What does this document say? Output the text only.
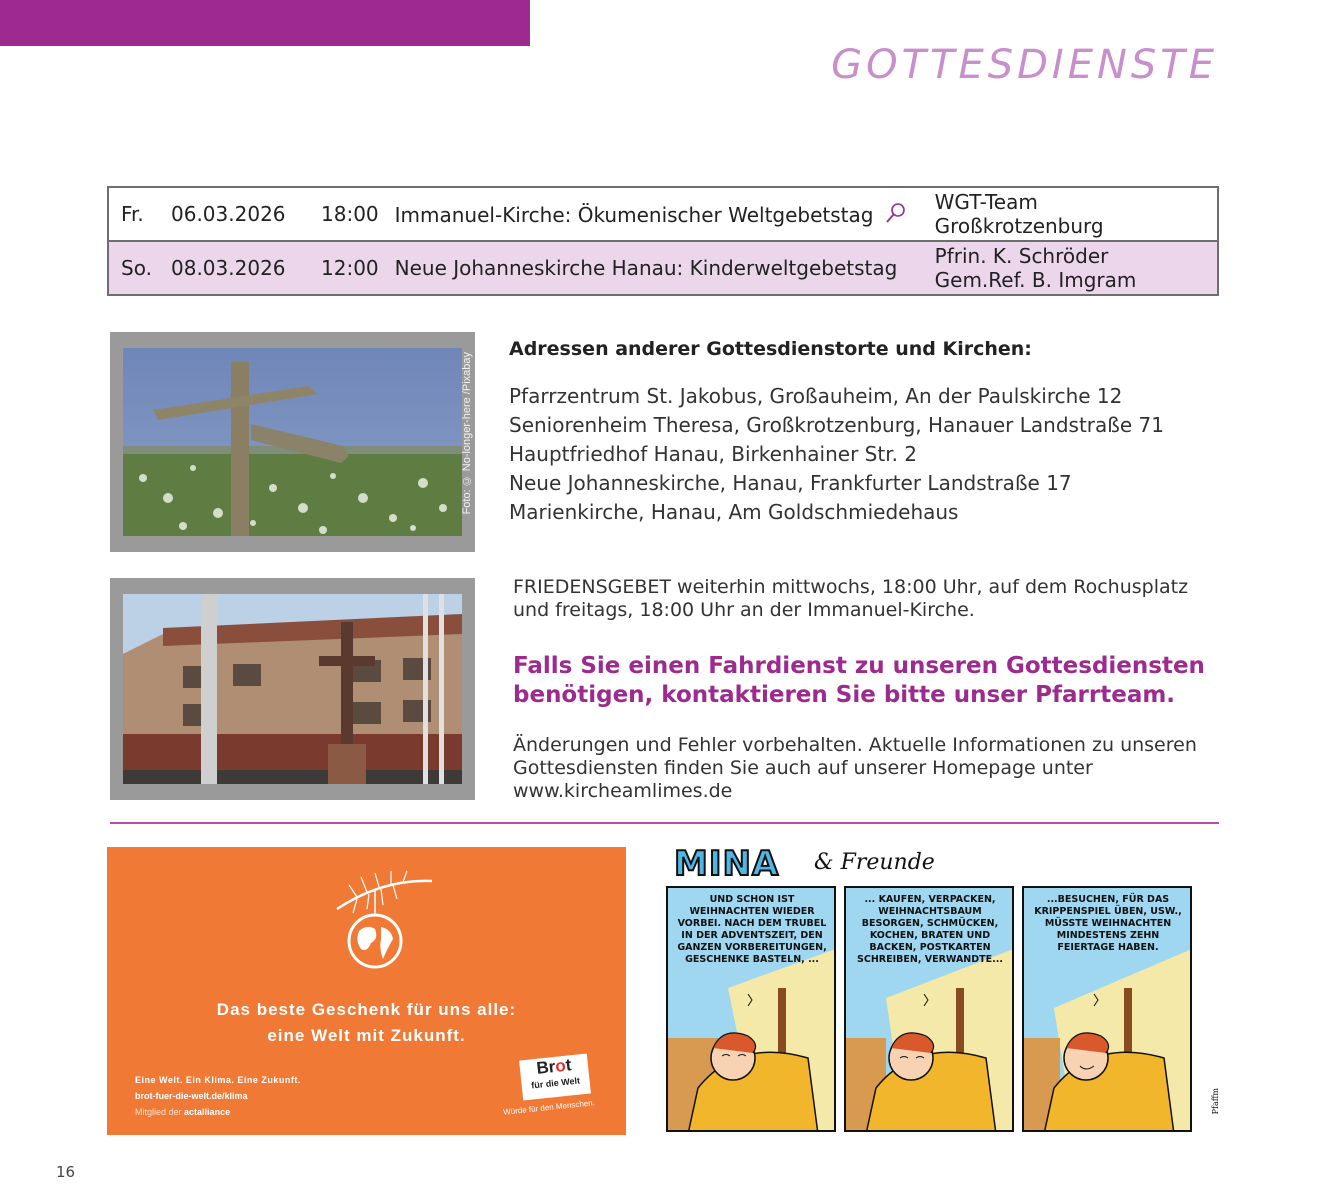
GOTTESDIENSTE
Fr.	06.03.2026	18:00	Immanuel-Kirche: Ökumenischer Weltgebetstag	WGT-Team
Großkrotzenburg

So.	08.03.2026	12:00	Neue Johanneskirche Hanau: Kinderweltgebetstag	Pfrin. K. Schröder
Gem.Ref. B. Imgram
Foto: © No-longer-here /Pixabay
Adressen anderer Gottesdienstorte und Kirchen:
Pfarrzentrum St. Jakobus, Großauheim, An der Paulskirche 12
Seniorenheim Theresa, Großkrotzenburg, Hanauer Landstraße 71
Hauptfriedhof Hanau, Birkenhainer Str. 2
Neue Johanneskirche, Hanau, Frankfurter Landstraße 17
Marienkirche, Hanau, Am Goldschmiedehaus

FRIEDENSGEBET weiterhin mittwochs, 18:00 Uhr, auf dem Rochusplatz und freitags, 18:00 Uhr an der Immanuel-Kirche.

Falls Sie einen Fahrdienst zu unseren Gottesdiensten benötigen, kontaktieren Sie bitte unser Pfarrteam.

Änderungen und Fehler vorbehalten. Aktuelle Informationen zu unseren Gottesdiensten finden Sie auch auf unserer Homepage unter www.kircheamlimes.de

Das beste Geschenk für uns alle:
eine Welt mit Zukunft.
Eine Welt. Ein Klima. Eine Zukunft.
brot-fuer-die-welt.de/klima
Mitglied der actalliance
Brot
für die Welt
Würde für den Menschen.
MINA & Freunde
UND SCHON IST WEIHNACHTEN WIEDER VORBEI. NACH DEM TRUBEL IN DER ADVENTSZEIT, DEN GANZEN VORBEREITUNGEN, GESCHENKE BASTELN, ...
... KAUFEN, VERPACKEN, WEIHNACHTSBAUM BESORGEN, SCHMÜCKEN, KOCHEN, BRATEN UND BACKEN, POSTKARTEN SCHREIBEN, VERWANDTE...
...BESUCHEN, FÜR DAS KRIPPENSPIEL ÜBEN, USW., MÜSSTE WEIHNACHTEN MINDESTENS ZEHN FEIERTAGE HABEN.
Pfaffm
16
